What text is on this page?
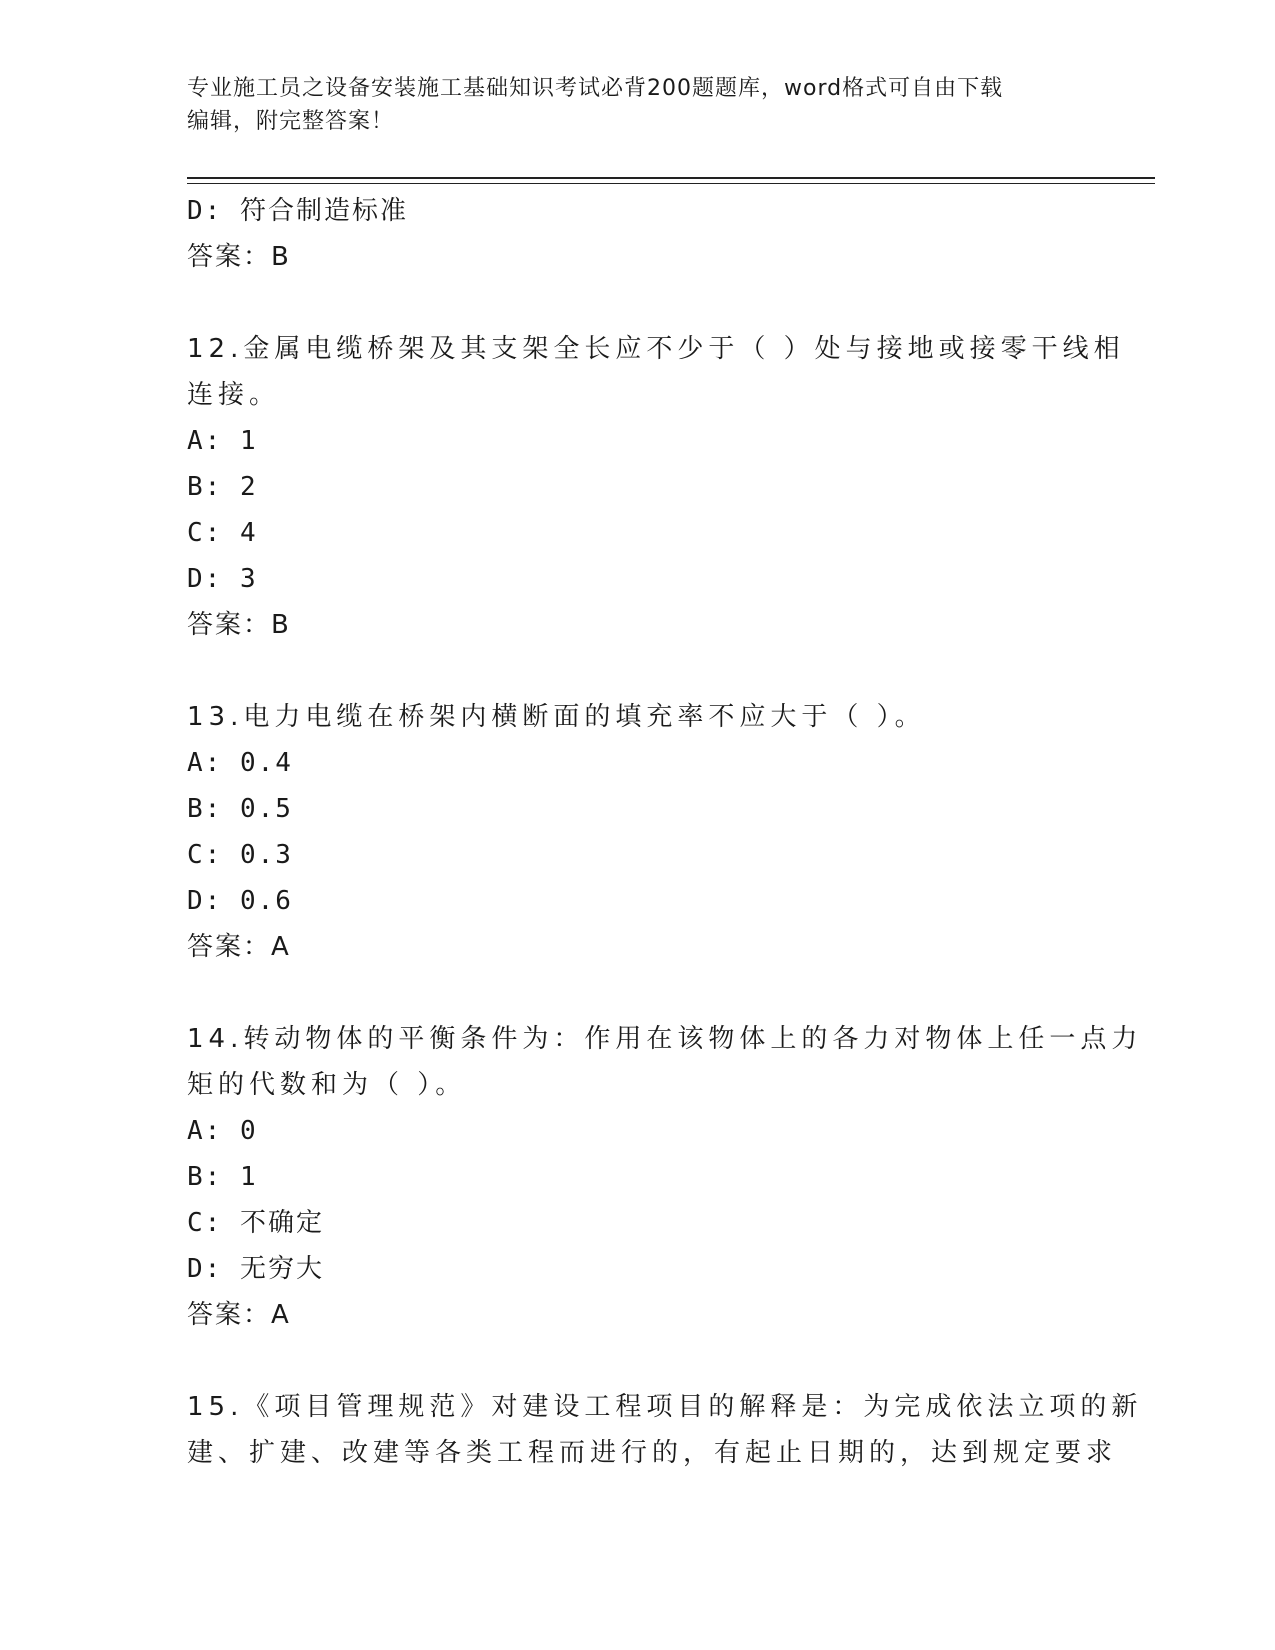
专业施工员之设备安装施工基础知识考试必背200题题库，word格式可自由下载
编辑，附完整答案！
D: 符合制造标准
答案：B
12.金属电缆桥架及其支架全长应不少于（ ）处与接地或接零干线相
连接。
A: 1
B: 2
C: 4
D: 3
答案：B
13.电力电缆在桥架内横断面的填充率不应大于（ ）。
A: 0.4
B: 0.5
C: 0.3
D: 0.6
答案：A
14.转动物体的平衡条件为：作用在该物体上的各力对物体上任一点力
矩的代数和为（ ）。
A: 0
B: 1
C: 不确定
D: 无穷大
答案：A
15.《项目管理规范》对建设工程项目的解释是：为完成依法立项的新
建、扩建、改建等各类工程而进行的，有起止日期的，达到规定要求
